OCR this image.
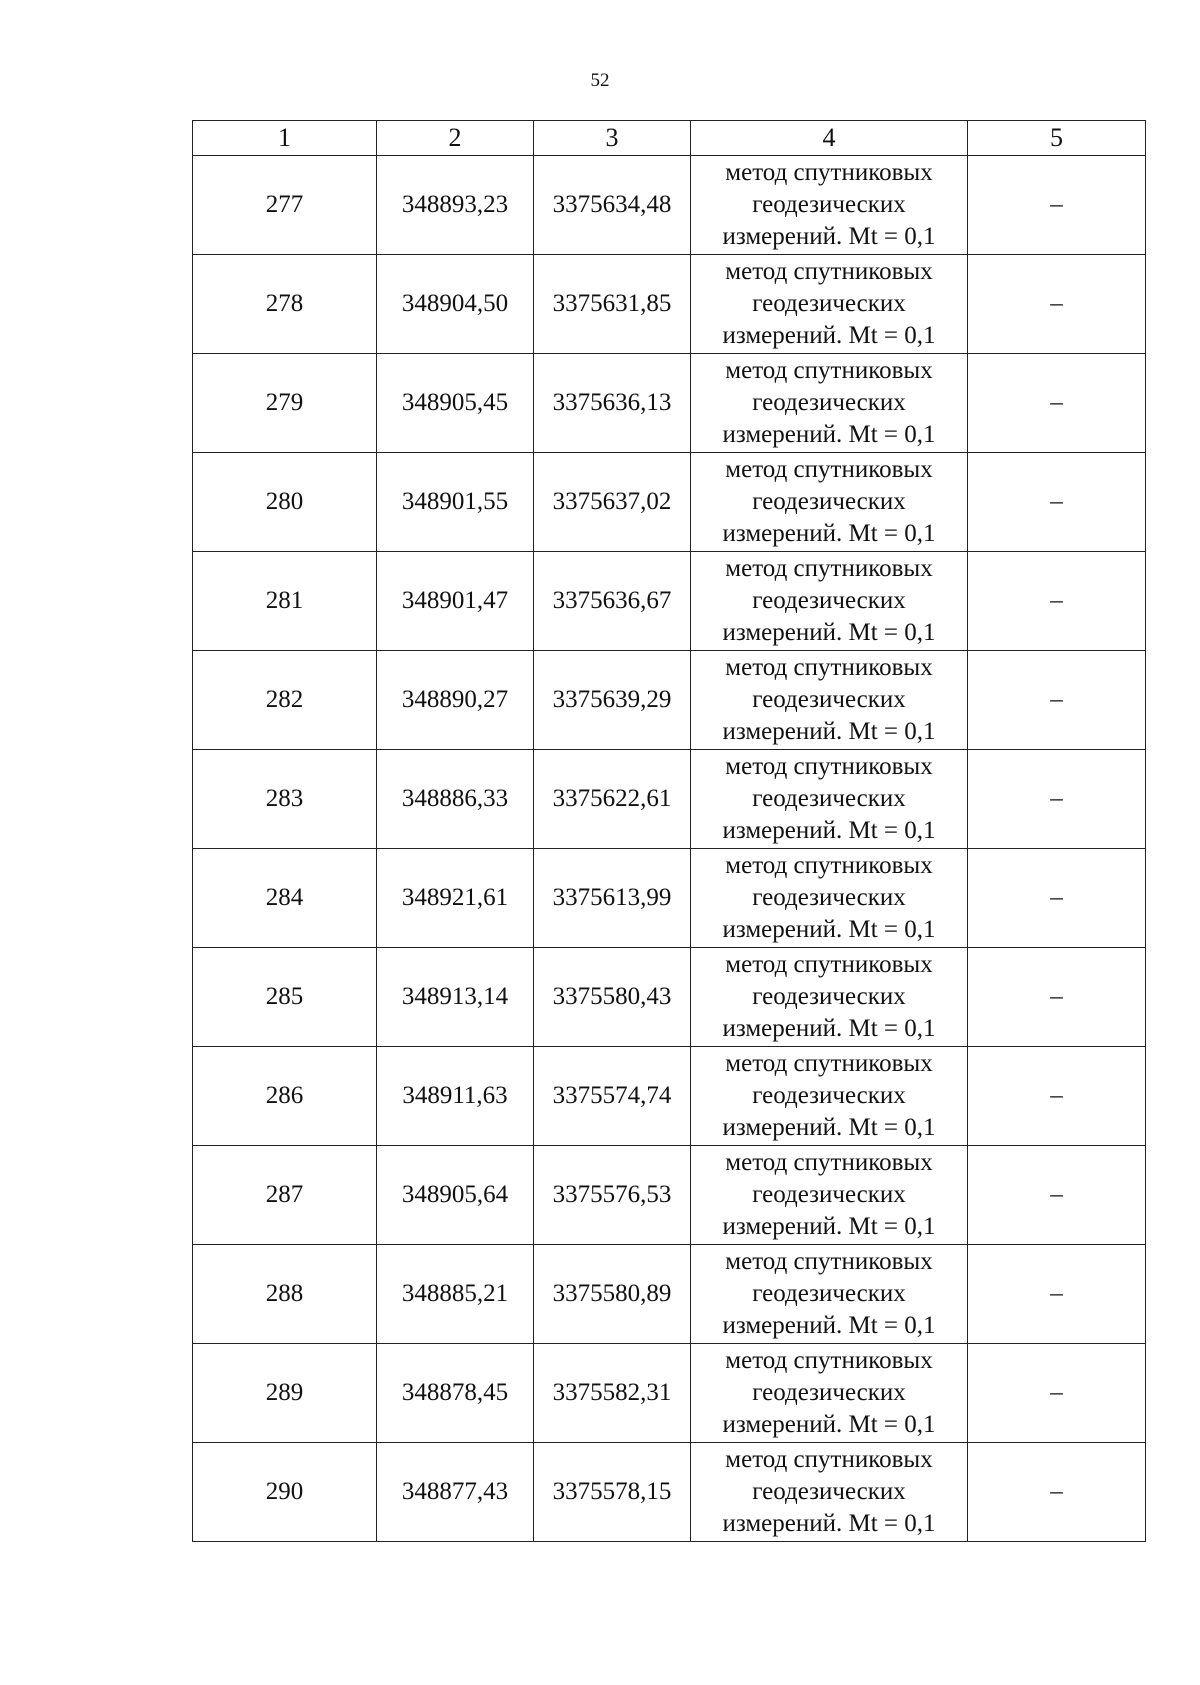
52
1	2	3	4	5
277	348893,23	3375634,48	метод спутниковых
геодезических
измерений. Mt = 0,1	–
278	348904,50	3375631,85	метод спутниковых
геодезических
измерений. Mt = 0,1	–
279	348905,45	3375636,13	метод спутниковых
геодезических
измерений. Mt = 0,1	–
280	348901,55	3375637,02	метод спутниковых
геодезических
измерений. Mt = 0,1	–
281	348901,47	3375636,67	метод спутниковых
геодезических
измерений. Mt = 0,1	–
282	348890,27	3375639,29	метод спутниковых
геодезических
измерений. Mt = 0,1	–
283	348886,33	3375622,61	метод спутниковых
геодезических
измерений. Mt = 0,1	–
284	348921,61	3375613,99	метод спутниковых
геодезических
измерений. Mt = 0,1	–
285	348913,14	3375580,43	метод спутниковых
геодезических
измерений. Mt = 0,1	–
286	348911,63	3375574,74	метод спутниковых
геодезических
измерений. Mt = 0,1	–
287	348905,64	3375576,53	метод спутниковых
геодезических
измерений. Mt = 0,1	–
288	348885,21	3375580,89	метод спутниковых
геодезических
измерений. Mt = 0,1	–
289	348878,45	3375582,31	метод спутниковых
геодезических
измерений. Mt = 0,1	–
290	348877,43	3375578,15	метод спутниковых
геодезических
измерений. Mt = 0,1	–
